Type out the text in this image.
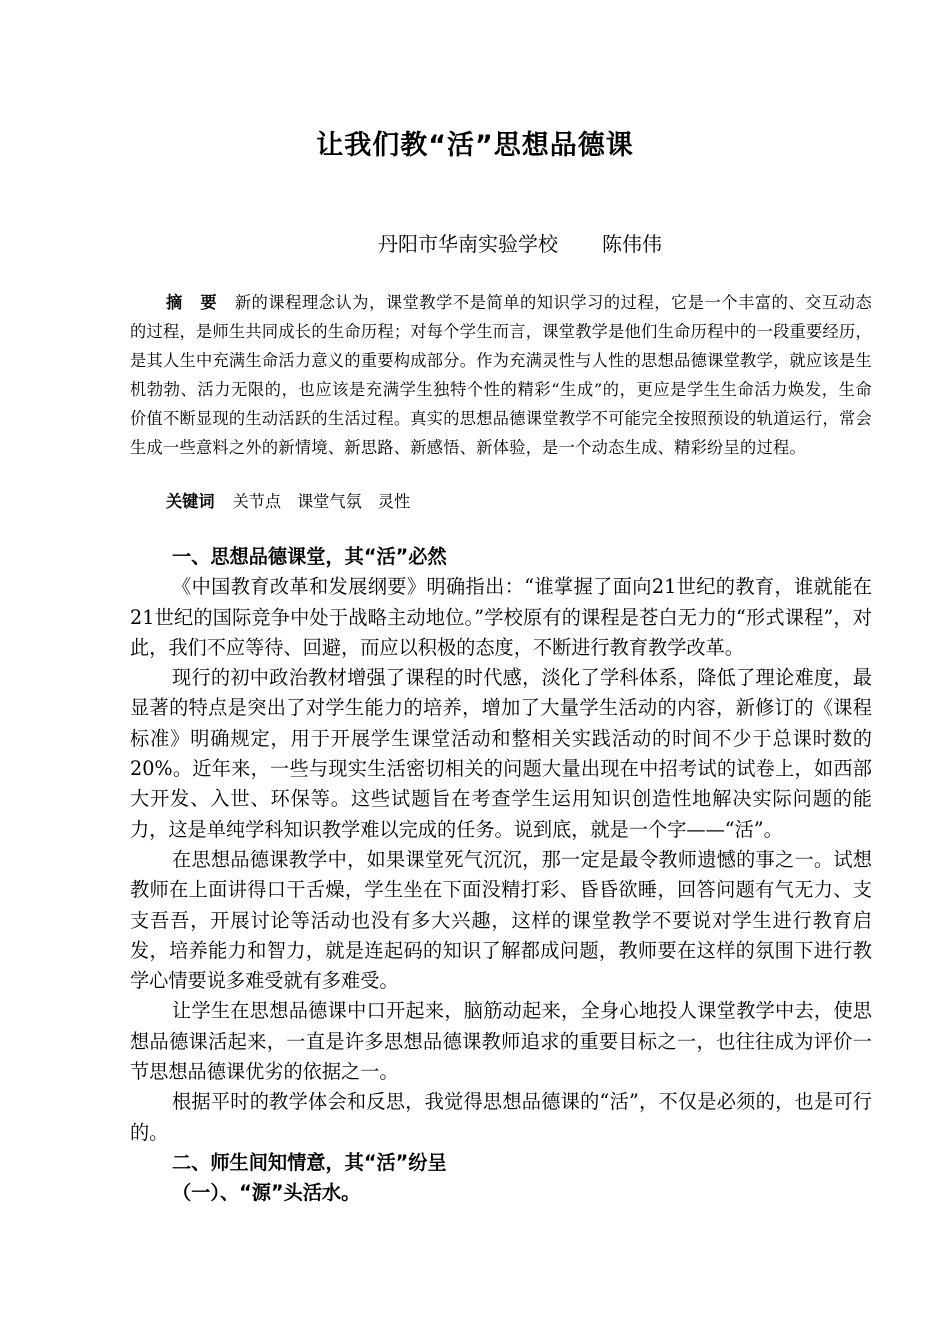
让我们教“活”思想品德课
丹阳市华南实验学校 陈伟伟
摘 要 新的课程理念认为，课堂教学不是简单的知识学习的过程，它是一个丰富的、交互动态的过程，是师生共同成长的生命历程；对每个学生而言，课堂教学是他们生命历程中的一段重要经历，是其人生中充满生命活力意义的重要构成部分。作为充满灵性与人性的思想品德课堂教学，就应该是生机勃勃、活力无限的，也应该是充满学生独特个性的精彩“生成”的，更应是学生生命活力焕发，生命价值不断显现的生动活跃的生活过程。真实的思想品德课堂教学不可能完全按照预设的轨道运行，常会生成一些意料之外的新情境、新思路、新感悟、新体验，是一个动态生成、精彩纷呈的过程。
关键词 关节点 课堂气氛 灵性
一、思想品德课堂，其“活”必然

《中国教育改革和发展纲要》明确指出：“谁掌握了面向21世纪的教育，谁就能在21世纪的国际竞争中处于战略主动地位。”学校原有的课程是苍白无力的“形式课程”，对此，我们不应等待、回避，而应以积极的态度，不断进行教育教学改革。

现行的初中政治教材增强了课程的时代感，淡化了学科体系，降低了理论难度，最显著的特点是突出了对学生能力的培养，增加了大量学生活动的内容，新修订的《课程标准》明确规定，用于开展学生课堂活动和整相关实践活动的时间不少于总课时数的20%。近年来，一些与现实生活密切相关的问题大量出现在中招考试的试卷上，如西部大开发、入世、环保等。这些试题旨在考查学生运用知识创造性地解决实际问题的能力，这是单纯学科知识教学难以完成的任务。说到底，就是一个字——“活”。

在思想品德课教学中，如果课堂死气沉沉，那一定是最令教师遗憾的事之一。试想教师在上面讲得口干舌燥，学生坐在下面没精打彩、昏昏欲睡，回答问题有气无力、支支吾吾，开展讨论等活动也没有多大兴趣，这样的课堂教学不要说对学生进行教育启发，培养能力和智力，就是连起码的知识了解都成问题，教师要在这样的氛围下进行教学心情要说多难受就有多难受。

让学生在思想品德课中口开起来，脑筋动起来，全身心地投人课堂教学中去，使思想品德课活起来，一直是许多思想品德课教师追求的重要目标之一，也往往成为评价一节思想品德课优劣的依据之一。

根据平时的教学体会和反思，我觉得思想品德课的“活”，不仅是必须的，也是可行的。

二、师生间知情意，其“活”纷呈
（一）、“源”头活水。
